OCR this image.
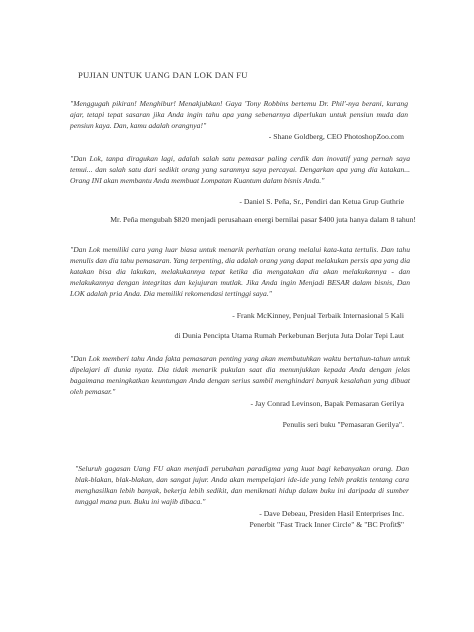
PUJIAN UNTUK UANG DAN LOK DAN FU
"Menggugah pikiran! Menghibur! Menakjubkan! Gaya 'Tony Robbins bertemu Dr. Phil'-nya berani, kurang ajar, tetapi tepat sasaran jika Anda ingin tahu apa yang sebenarnya diperlukan untuk pensiun muda dan pensiun kaya. Dan, kamu adalah orangnya!"
- Shane Goldberg, CEO PhotoshopZoo.com
"Dan Lok, tanpa diragukan lagi, adalah salah satu pemasar paling cerdik dan inovatif yang pernah saya temui... dan salah satu dari sedikit orang yang saranmya saya percayai. Dengarkan apa yang dia katakan... Orang INI akan membantu Anda membuat Lompatan Kuantum dalam bisnis Anda."
- Daniel S. Peña, Sr., Pendiri dan Ketua Grup Guthrie
Mr. Peña mengubah $820 menjadi perusahaan energi bernilai pasar $400 juta hanya dalam 8 tahun!
"Dan Lok memiliki cara yang luar biasa untuk menarik perhatian orang melalui kata-kata tertulis. Dan tahu menulis dan dia tahu pemasaran. Yang terpenting, dia adalah orang yang dapat melakukan persis apa yang dia katakan bisa dia lakukan, melakukannya tepat ketika dia mengatakan dia akan melakukannya - dan melakukannya dengan integritas dan kejujuran mutlak. Jika Anda ingin Menjadi BESAR dalam bisnis, Dan LOK adalah pria Anda. Dia memiliki rekomendasi tertinggi saya."
- Frank McKinney, Penjual Terbaik Internasional 5 Kali
di Dunia Pencipta Utama Rumah Perkebunan Berjuta Juta Dolar Tepi Laut
"Dan Lok memberi tahu Anda fakta pemasaran penting yang akan membutuhkan waktu bertahun-tahun untuk dipelajari di dunia nyata. Dia tidak menarik pukulan saat dia menunjukkan kepada Anda dengan jelas bagaimana meningkatkan keuntungan Anda dengan serius sambil menghindari banyak kesalahan yang dibuat oleh pemasar."
- Jay Conrad Levinson, Bapak Pemasaran Gerilya
Penulis seri buku "Pemasaran Gerilya".
"Seluruh gagasan Uang FU akan menjadi perubahan paradigma yang kuat bagi kebanyakan orang. Dan blak-blakan, blak-blakan, dan sangat jujur. Anda akan mempelajari ide-ide yang lebih praktis tentang cara menghasilkan lebih banyak, bekerja lebih sedikit, dan menikmati hidup dalam buku ini daripada di sumber tunggal mana pun. Buku ini wajib dibaca."
- Dave Debeau, Presiden Hasil Enterprises Inc.
Penerbit "Fast Track Inner Circle" & "BC Profit$"
